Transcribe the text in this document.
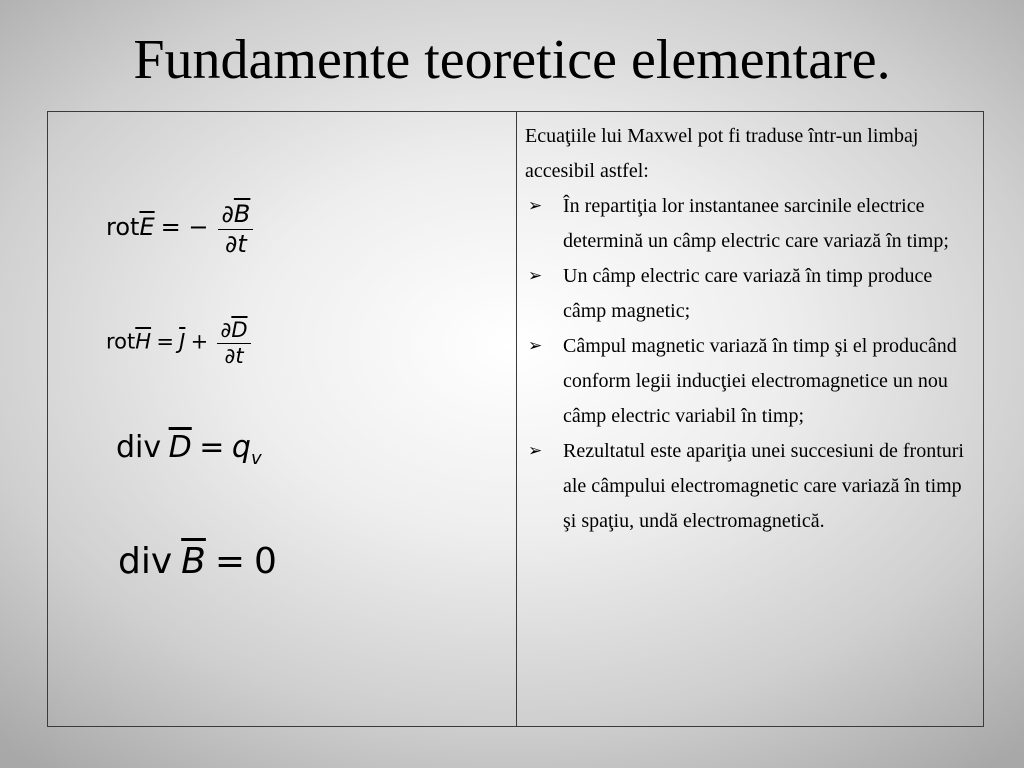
Fundamente teoretice elementare.
$rot\overline{E}$ = − $\frac{\partial\overline{B}}{\partial t}$
$rot\overline{H} = \overline{J} + \frac{\partial\overline{D}}{\partial t}$
div $\overline{D} = q_v$
div $\overline{B} = 0$

Ecuaţiile lui Maxwel pot fi traduse într-un limbaj accesibil astfel:

➢ În repartiţia lor instantanee sarcinile electrice determină un câmp electric care variază în timp;
➢ Un câmp electric care variază în timp produce câmp magnetic;
➢ Câmpul magnetic variază în timp şi el producând conform legii inducţiei electromagnetice un nou câmp electric variabil în timp;
➢ Rezultatul este apariţia unei succesiuni de fronturi ale câmpului electromagnetic care variază în timp şi spaţiu, undă electromagnetică.
